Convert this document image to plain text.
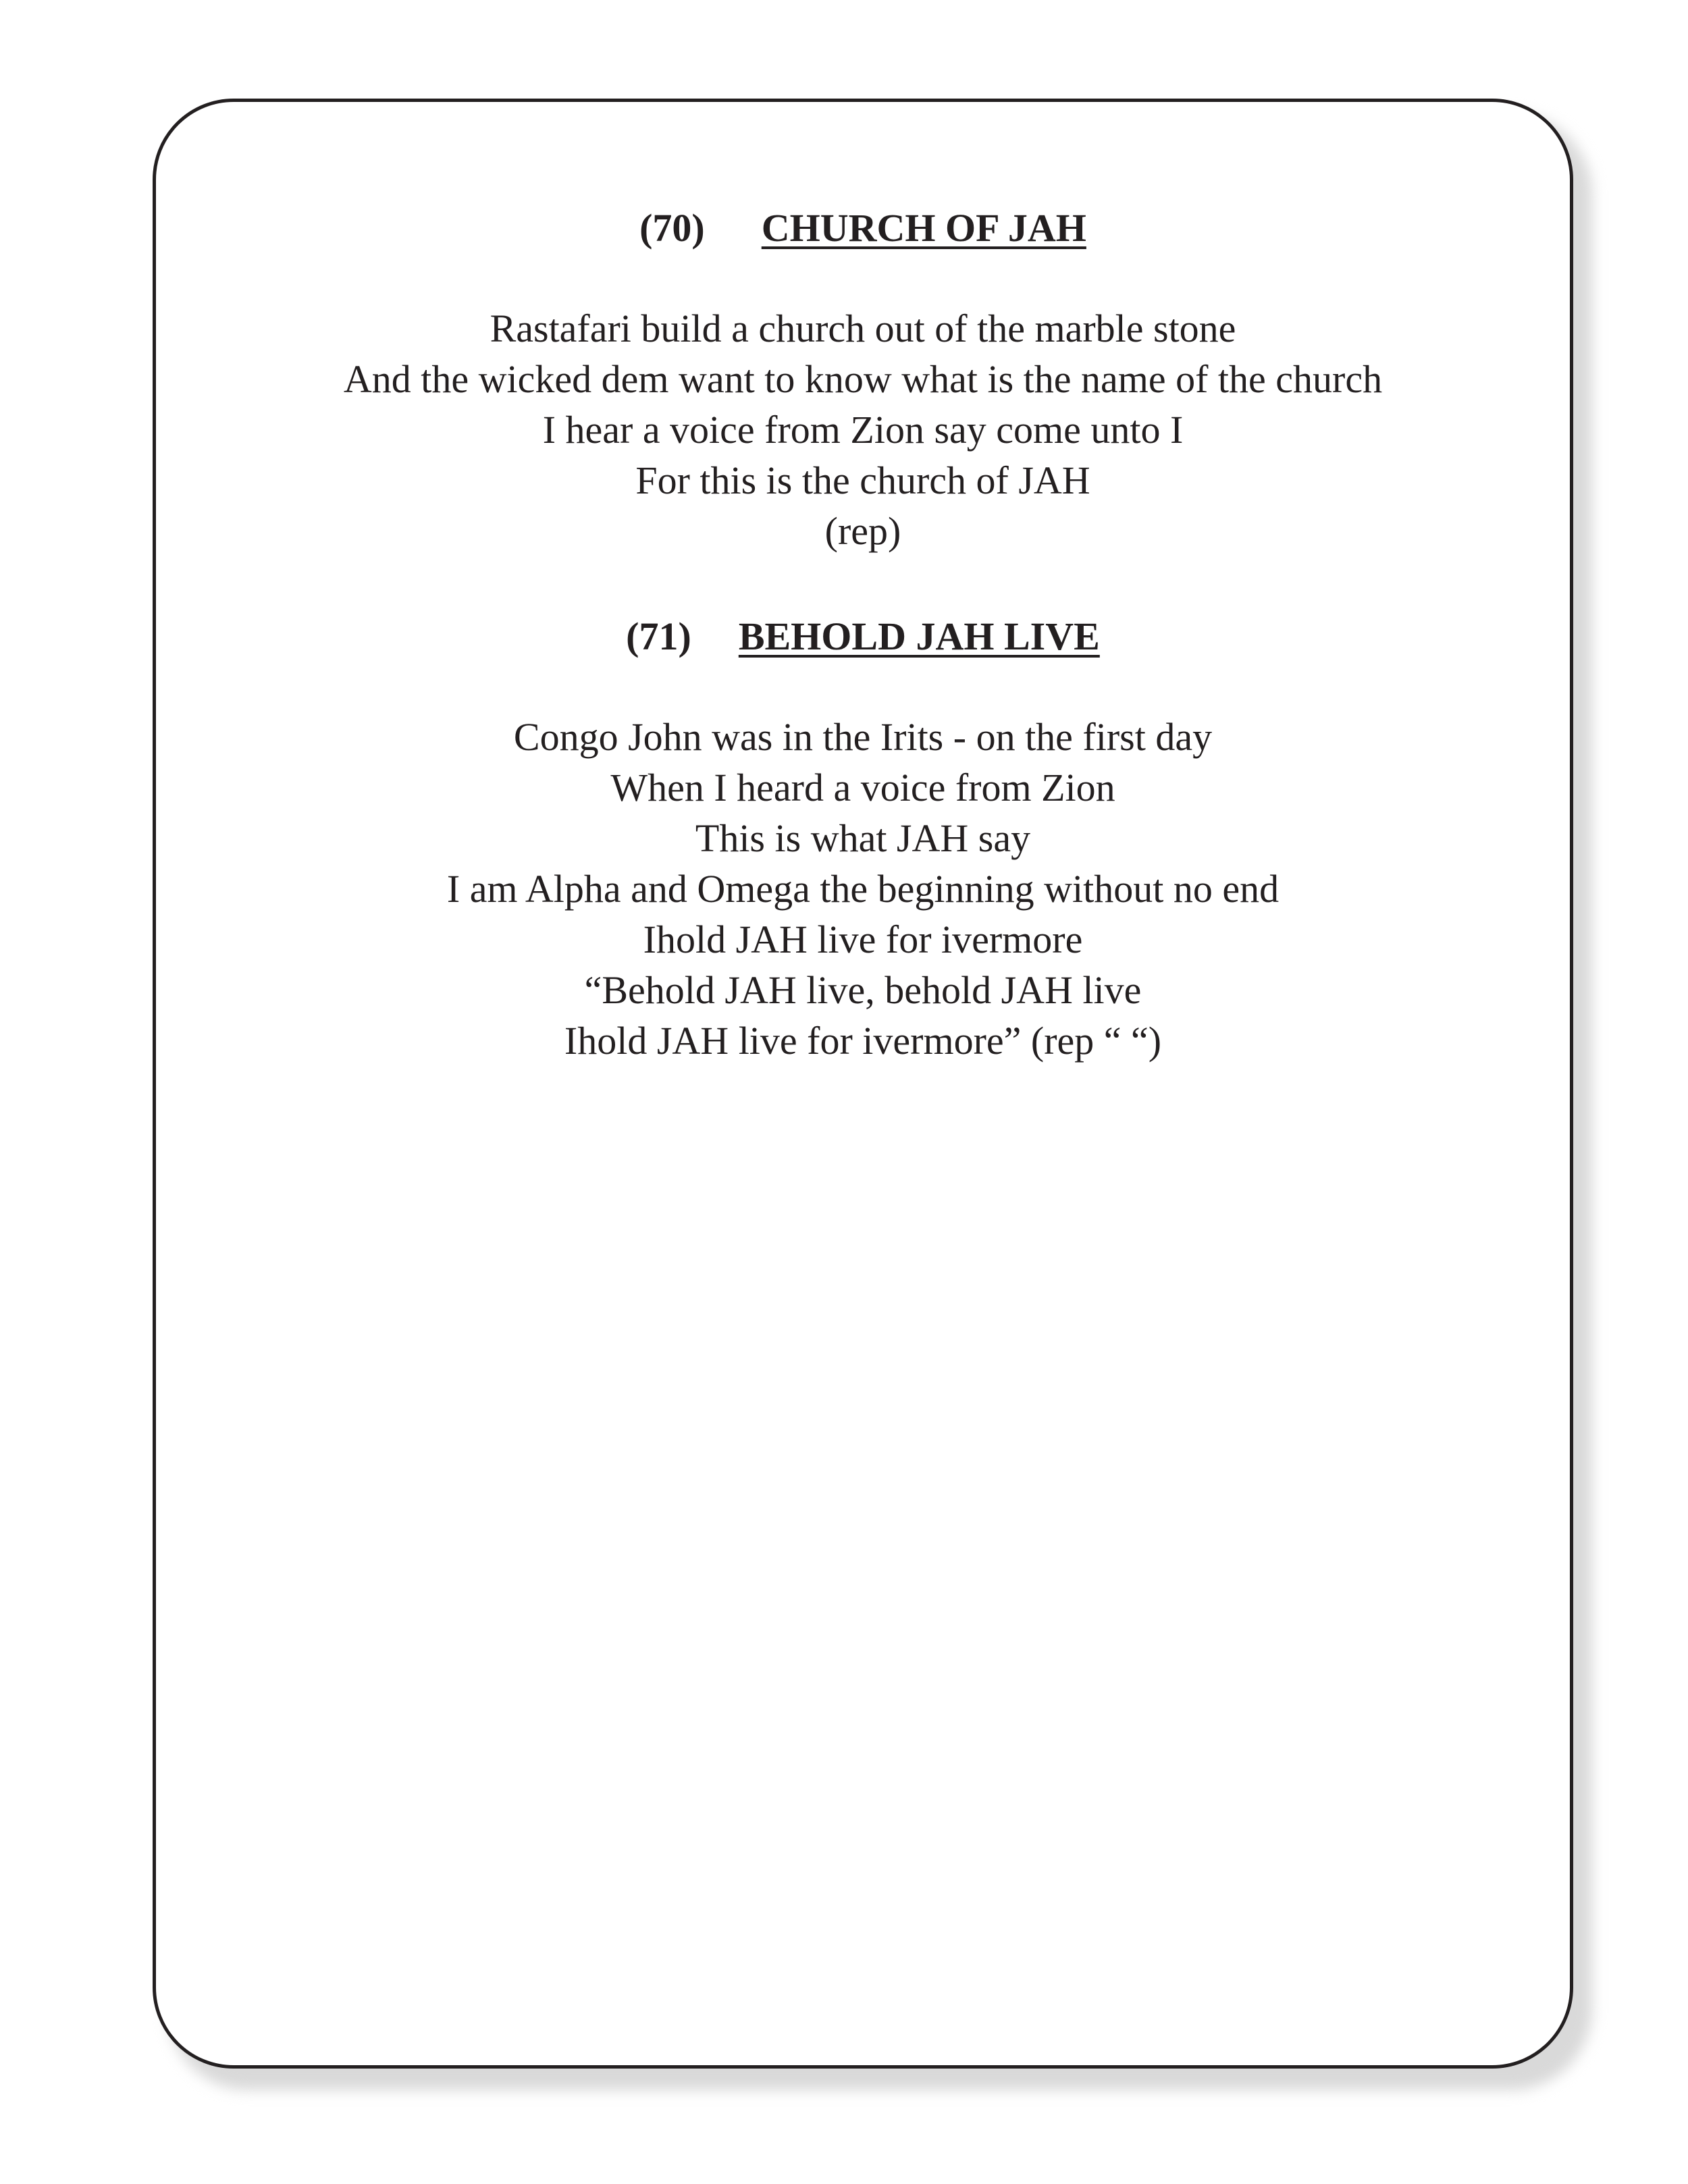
(70) CHURCH OF JAH
Rastafari build a church out of the marble stone
And the wicked dem want to know what is the name of the church
I hear a voice from Zion say come unto I
For this is the church of JAH
(rep)
(71) BEHOLD JAH LIVE
Congo John was in the Irits - on the first day
When I heard a voice from Zion
This is what JAH say
I am Alpha and Omega the beginning without no end
Ihold JAH live for ivermore
“Behold JAH live, behold JAH live
Ihold JAH live for ivermore” (rep “ “)
